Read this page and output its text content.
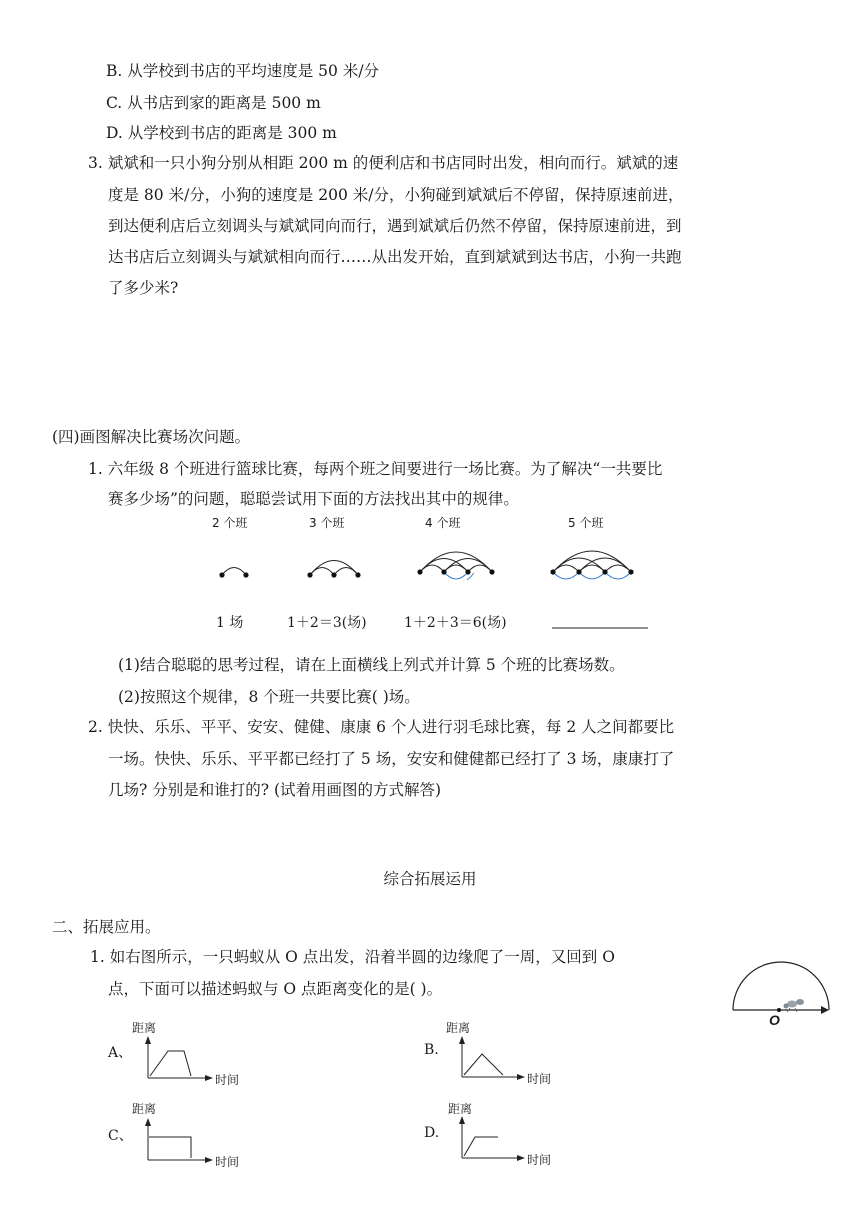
B. 从学校到书店的平均速度是 50 米/分
C. 从书店到家的距离是 500 m
D. 从学校到书店的距离是 300 m
3. 斌斌和一只小狗分别从相距 200 m 的便利店和书店同时出发，相向而行。斌斌的速
度是 80 米/分，小狗的速度是 200 米/分，小狗碰到斌斌后不停留，保持原速前进，
到达便利店后立刻调头与斌斌同向而行，遇到斌斌后仍然不停留，保持原速前进，到
达书店后立刻调头与斌斌相向而行……从出发开始，直到斌斌到达书店，小狗一共跑
了多少米?
(四)画图解决比赛场次问题。
1. 六年级 8 个班进行篮球比赛，每两个班之间要进行一场比赛。为了解决“一共要比
赛多少场”的问题，聪聪尝试用下面的方法找出其中的规律。
2 个班	3 个班	4 个班	5 个班
1 场	1＋2＝3(场)	1＋2＋3＝6(场)
(1)结合聪聪的思考过程，请在上面横线上列式并计算 5 个班的比赛场数。
(2)按照这个规律，8 个班一共要比赛( )场。
2. 快快、乐乐、平平、安安、健健、康康 6 个人进行羽毛球比赛，每 2 人之间都要比
一场。快快、乐乐、平平都已经打了 5 场，安安和健健都已经打了 3 场，康康打了
几场? 分别是和谁打的? (试着用画图的方式解答)
综合拓展运用
二、拓展应用。
1. 如右图所示，一只蚂蚁从 O 点出发，沿着半圆的边缘爬了一周，又回到 O
点，下面可以描述蚂蚁与 O 点距离变化的是( )。
O
距离
A、
时间
距离
B.
时间
距离
C、
时间
距离
D.
时间
